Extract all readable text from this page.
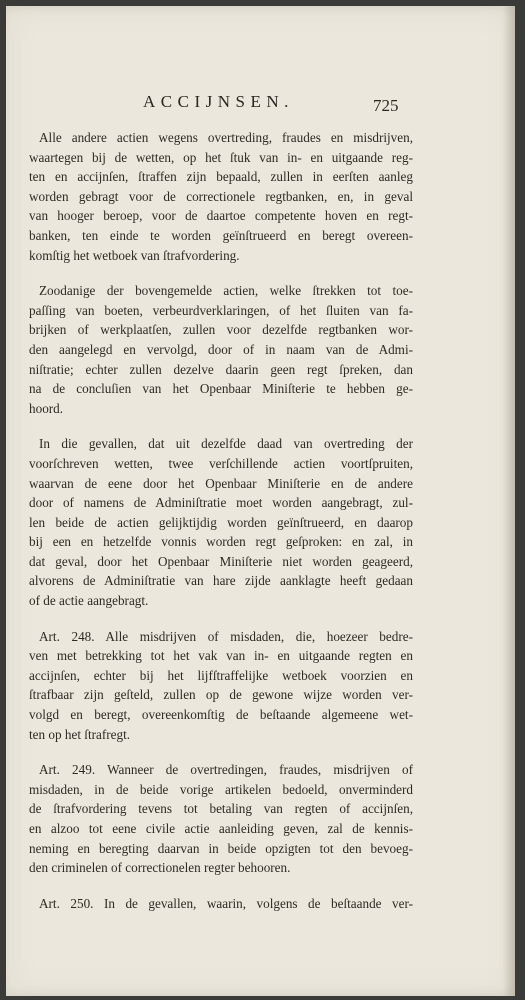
ACCIJNSEN.	725

Alle andere actien wegens overtreding, fraudes en misdrijven,
waartegen bij de wetten, op het ſtuk van in- en uitgaande reg-
ten en accijnſen, ſtraffen zijn bepaald, zullen in eerſten aanleg
worden gebragt voor de correctionele regtbanken, en, in geval
van hooger beroep, voor de daartoe competente hoven en regt-
banken, ten einde te worden geïnſtrueerd en beregt overeen-
komſtig het wetboek van ſtrafvordering.

Zoodanige der bovengemelde actien, welke ſtrekken tot toe-
paſſing van boeten, verbeurdverklaringen, of het ſluiten van fa-
brijken of werkplaatſen, zullen voor dezelfde regtbanken wor-
den aangelegd en vervolgd, door of in naam van de Admi-
niſtratie; echter zullen dezelve daarin geen regt ſpreken, dan
na de concluſien van het Openbaar Miniſterie te hebben ge-
hoord.

In die gevallen, dat uit dezelfde daad van overtreding der
voorſchreven wetten, twee verſchillende actien voortſpruiten,
waarvan de eene door het Openbaar Miniſterie en de andere
door of namens de Adminiſtratie moet worden aangebragt, zul-
len beide de actien gelijktijdig worden geïnſtrueerd, en daarop
bij een en hetzelfde vonnis worden regt geſproken: en zal, in
dat geval, door het Openbaar Miniſterie niet worden geageerd,
alvorens de Adminiſtratie van hare zijde aanklagte heeft gedaan
of de actie aangebragt.

Art. 248. Alle misdrijven of misdaden, die, hoezeer bedre-
ven met betrekking tot het vak van in- en uitgaande regten en
accijnſen, echter bij het lijfſtraffelijke wetboek voorzien en
ſtrafbaar zijn geſteld, zullen op de gewone wijze worden ver-
volgd en beregt, overeenkomſtig de beſtaande algemeene wet-
ten op het ſtrafregt.

Art. 249. Wanneer de overtredingen, fraudes, misdrijven of
misdaden, in de beide vorige artikelen bedoeld, onverminderd
de ſtrafvordering tevens tot betaling van regten of accijnſen,
en alzoo tot eene civile actie aanleiding geven, zal de kennis-
neming en beregting daarvan in beide opzigten tot den bevoeg-
den criminelen of correctionelen regter behooren.

Art. 250. In de gevallen, waarin, volgens de beſtaande ver-
